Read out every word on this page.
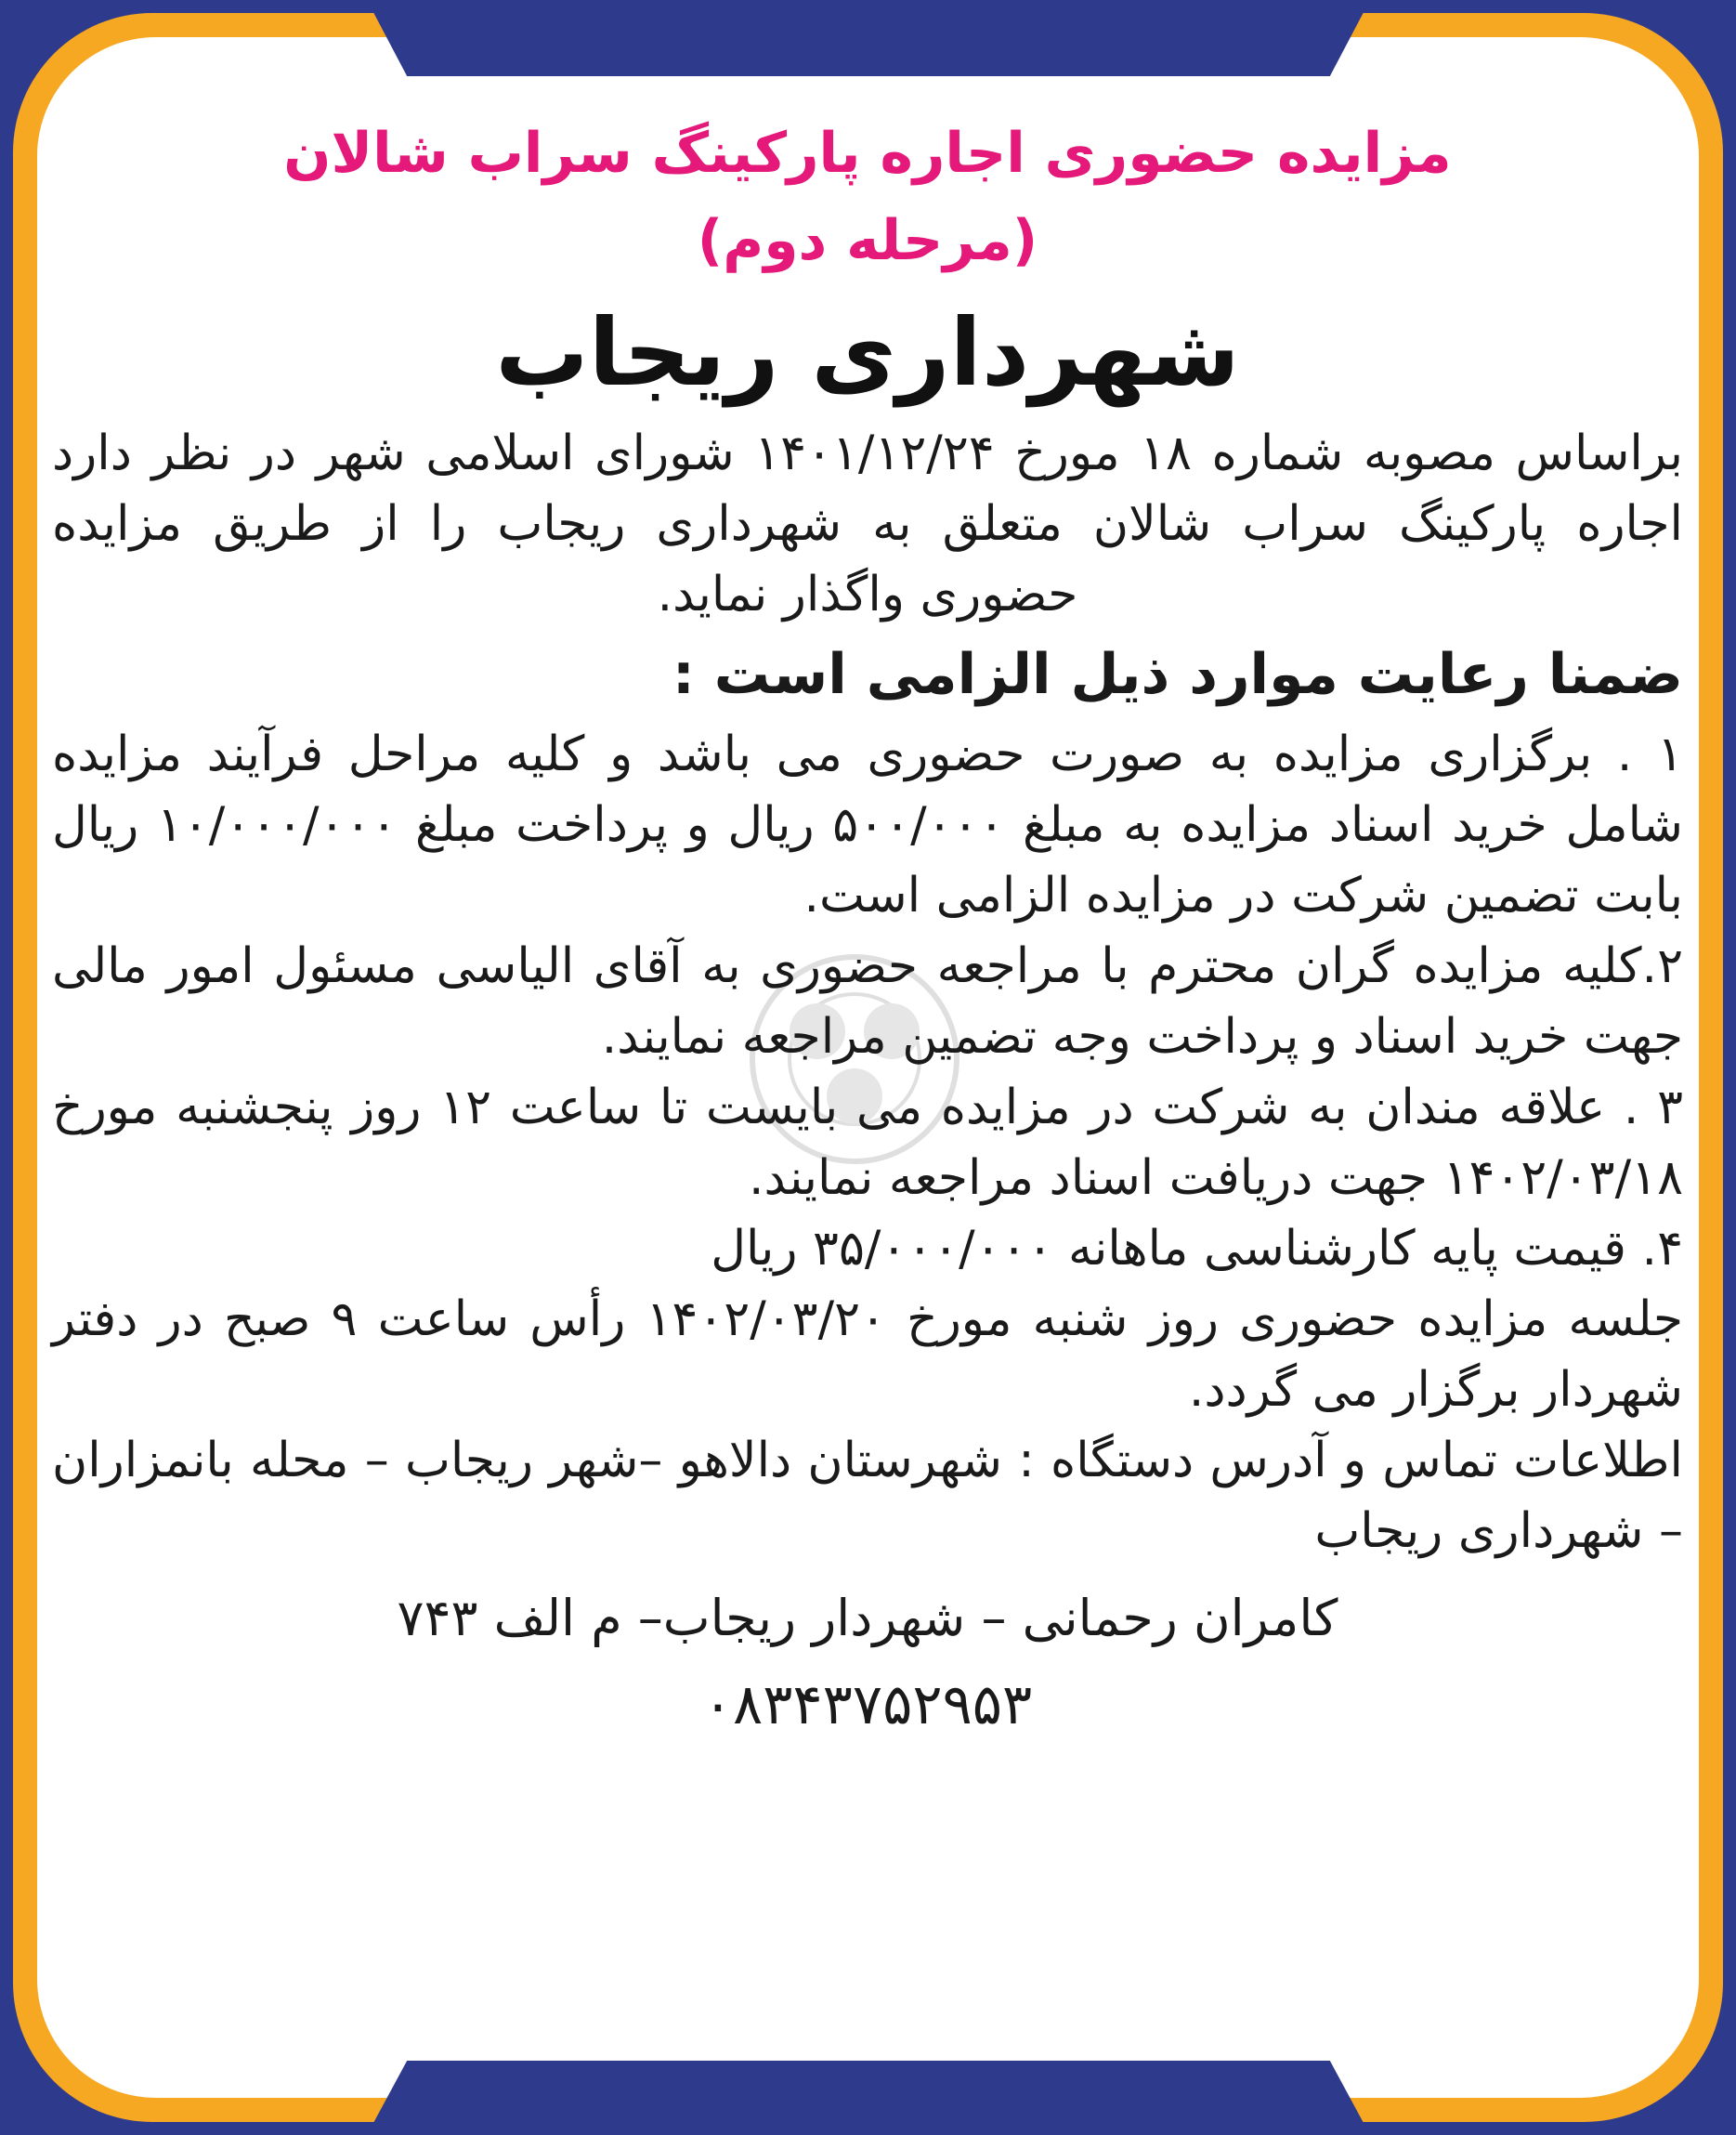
مزایده حضوری اجاره پارکینگ سراب شالان

(مرحله دوم)

شهرداری ریجاب

براساس مصوبه شماره ۱۸ مورخ ۱۴۰۱/۱۲/۲۴ شورای اسلامی شهر در نظر دارد اجاره پارکینگ سراب شالان متعلق به شهرداری ریجاب را از طریق مزایده حضوری واگذار نماید.

ضمنا رعایت موارد ذیل الزامی است :

۱ . برگزاری مزایده به صورت حضوری می باشد و کلیه مراحل فرآیند مزایده شامل خرید اسناد مزایده به مبلغ ۵۰۰/۰۰۰ ریال و پرداخت مبلغ ۱۰/۰۰۰/۰۰۰ ریال بابت تضمین شرکت در مزایده الزامی است.

۲.کلیه مزایده گران محترم با مراجعه حضوری به آقای الیاسی مسئول امور مالی جهت خرید اسناد و پرداخت وجه تضمین مراجعه نمایند.

۳ . علاقه مندان به شرکت در مزایده می بایست تا ساعت ۱۲ روز پنجشنبه مورخ ۱۴۰۲/۰۳/۱۸ جهت دریافت اسناد مراجعه نمایند.

۴. قیمت پایه کارشناسی ماهانه ۳۵/۰۰۰/۰۰۰ ریال

جلسه مزایده حضوری روز شنبه مورخ ۱۴۰۲/۰۳/۲۰ رأس ساعت ۹ صبح در دفتر شهردار برگزار می گردد.

اطلاعات تماس و آدرس دستگاه : شهرستان دالاهو –شهر ریجاب – محله بانمزاران – شهرداری ریجاب

کامران رحمانی – شهردار ریجاب– م الف ۷۴۳
۰۸۳۴۳۷۵۲۹۵۳
